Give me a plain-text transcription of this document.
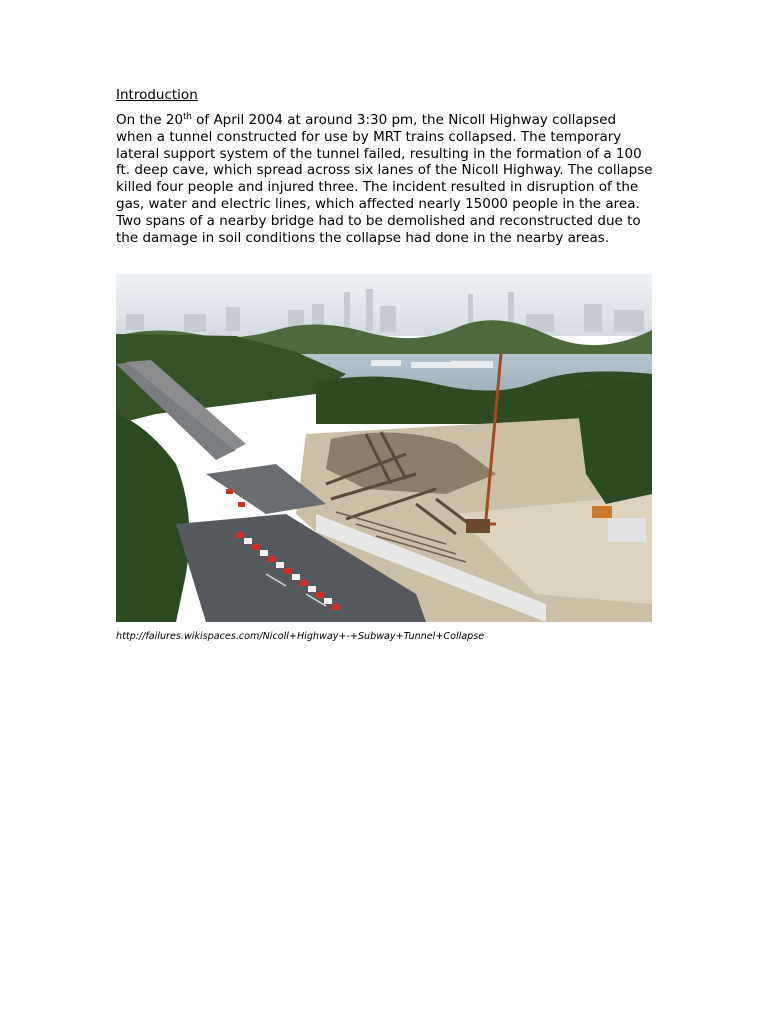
Introduction

On the 20th of April 2004 at around 3:30 pm, the Nicoll Highway collapsed when a tunnel constructed for use by MRT trains collapsed. The temporary lateral support system of the tunnel failed, resulting in the formation of a 100 ft. deep cave, which spread across six lanes of the Nicoll Highway. The collapse killed four people and injured three. The incident resulted in disruption of the gas, water and electric lines, which affected nearly 15000 people in the area. Two spans of a nearby bridge had to be demolished and reconstructed due to the damage in soil conditions the collapse had done in the nearby areas.

http://failures.wikispaces.com/Nicoll+Highway+-+Subway+Tunnel+Collapse
